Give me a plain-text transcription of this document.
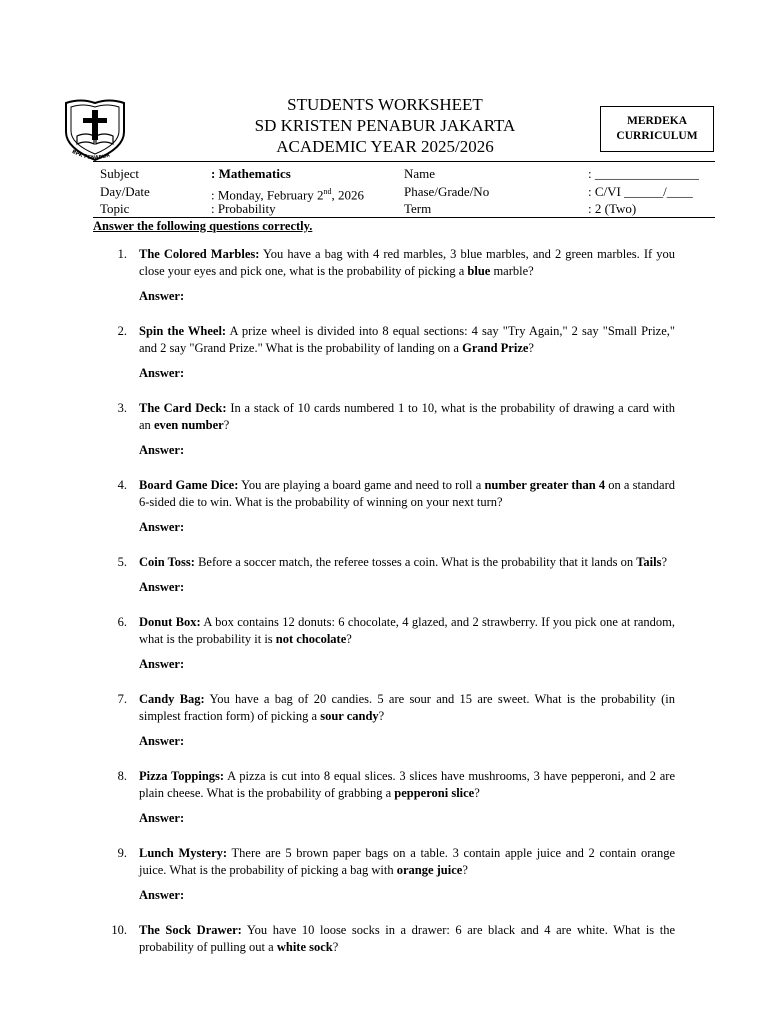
BPK PENABUR
STUDENTS WORKSHEET
SD KRISTEN PENABUR JAKARTA
ACADEMIC YEAR 2025/2026
MERDEKA
CURRICULUM
Subject	: Mathematics	Name	: ________________
Day/Date	: Monday, February 2nd, 2026	Phase/Grade/No	: C/VI ______/____
Topic	: Probability	Term	: 2 (Two)
Answer the following questions correctly.
1. The Colored Marbles: You have a bag with 4 red marbles, 3 blue marbles, and 2 green marbles. If you close your eyes and pick one, what is the probability of picking a blue marble?

Answer:

2. Spin the Wheel: A prize wheel is divided into 8 equal sections: 4 say "Try Again," 2 say "Small Prize," and 2 say "Grand Prize." What is the probability of landing on a Grand Prize?

Answer:

3. The Card Deck: In a stack of 10 cards numbered 1 to 10, what is the probability of drawing a card with an even number?

Answer:

4. Board Game Dice: You are playing a board game and need to roll a number greater than 4 on a standard 6-sided die to win. What is the probability of winning on your next turn?

Answer:

5. Coin Toss: Before a soccer match, the referee tosses a coin. What is the probability that it lands on Tails?

Answer:

6. Donut Box: A box contains 12 donuts: 6 chocolate, 4 glazed, and 2 strawberry. If you pick one at random, what is the probability it is not chocolate?

Answer:

7. Candy Bag: You have a bag of 20 candies. 5 are sour and 15 are sweet. What is the probability (in simplest fraction form) of picking a sour candy?

Answer:

8. Pizza Toppings: A pizza is cut into 8 equal slices. 3 slices have mushrooms, 3 have pepperoni, and 2 are plain cheese. What is the probability of grabbing a pepperoni slice?

Answer:

9. Lunch Mystery: There are 5 brown paper bags on a table. 3 contain apple juice and 2 contain orange juice. What is the probability of picking a bag with orange juice?

Answer:

10. The Sock Drawer: You have 10 loose socks in a drawer: 6 are black and 4 are white. What is the probability of pulling out a white sock?
